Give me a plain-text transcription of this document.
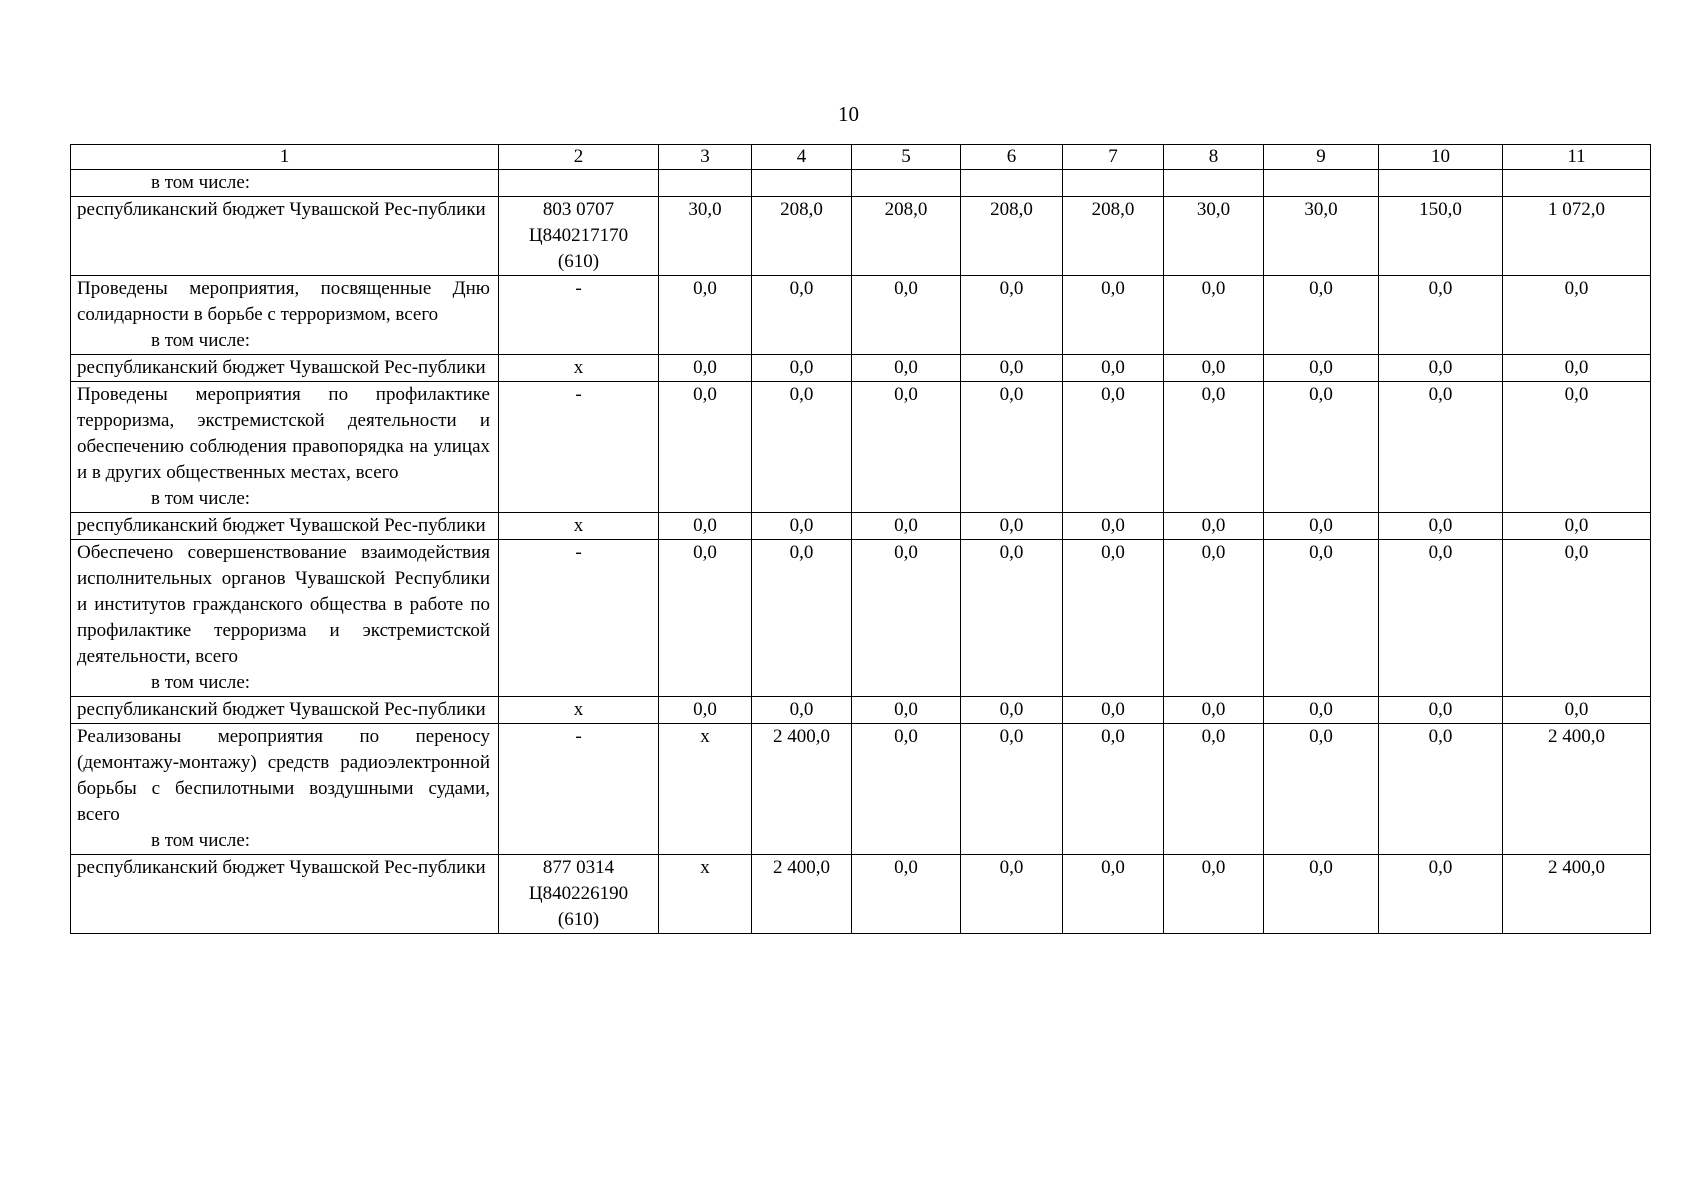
10
1	2	3	4	5	6	7	8	9	10	11

в том числе:										

республиканский бюджет Чувашской Рес-публики	803 0707
Ц840217170
(610)	30,0	208,0	208,0	208,0	208,0	30,0	30,0	150,0	1 072,0
Проведены мероприятия, посвященные Дню солидарности в борьбе с терроризмом, всего
в том числе:	-	0,0	0,0	0,0	0,0	0,0	0,0	0,0	0,0	0,0
республиканский бюджет Чувашской Рес-публики	х	0,0	0,0	0,0	0,0	0,0	0,0	0,0	0,0	0,0
Проведены мероприятия по профилактике терроризма, экстремистской деятельности и обеспечению соблюдения правопорядка на улицах и в других общественных местах, всего
в том числе:	-	0,0	0,0	0,0	0,0	0,0	0,0	0,0	0,0	0,0
республиканский бюджет Чувашской Рес-публики	х	0,0	0,0	0,0	0,0	0,0	0,0	0,0	0,0	0,0
Обеспечено совершенствование взаимодействия исполнительных органов Чувашской Республики и институтов гражданского общества в работе по профилактике терроризма и экстремистской деятельности, всего
в том числе:	-	0,0	0,0	0,0	0,0	0,0	0,0	0,0	0,0	0,0
республиканский бюджет Чувашской Рес-публики	х	0,0	0,0	0,0	0,0	0,0	0,0	0,0	0,0	0,0
Реализованы мероприятия по переносу (демонтажу-монтажу) средств радиоэлектронной борьбы с беспилотными воздушными судами, всего
в том числе:	-	х	2 400,0	0,0	0,0	0,0	0,0	0,0	0,0	2 400,0
республиканский бюджет Чувашской Рес-публики	877 0314
Ц840226190
(610)	х	2 400,0	0,0	0,0	0,0	0,0	0,0	0,0	2 400,0
